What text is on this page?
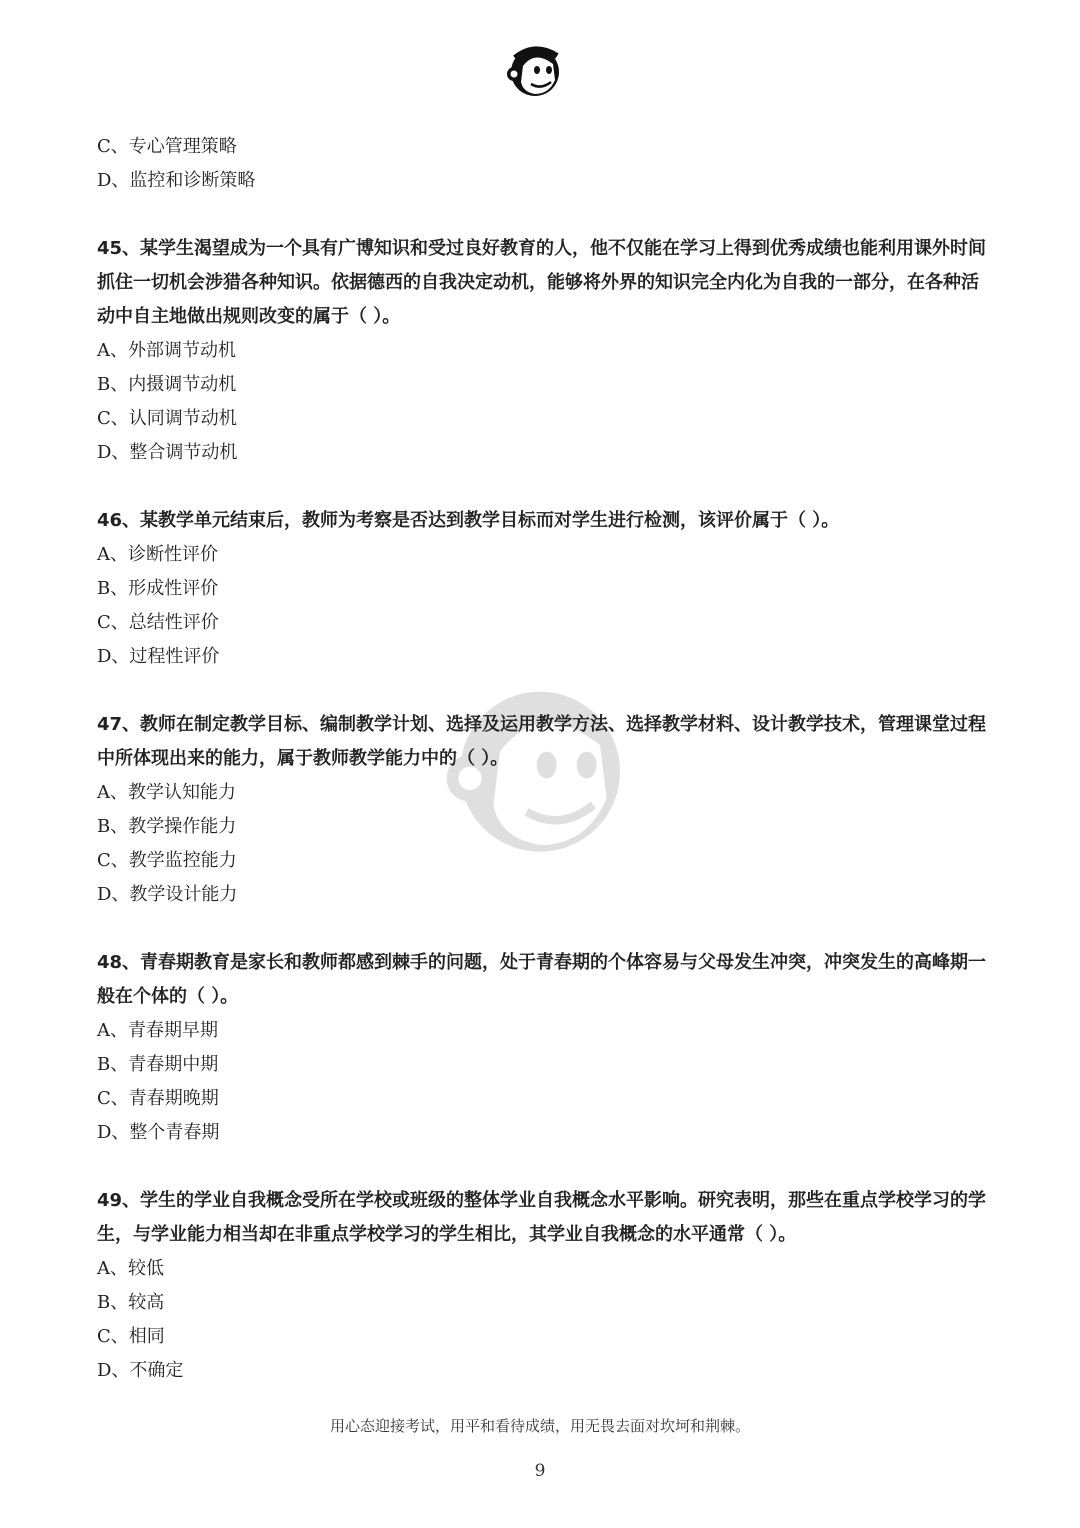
C、专心管理策略
D、监控和诊断策略
45、某学生渴望成为一个具有广博知识和受过良好教育的人，他不仅能在学习上得到优秀成绩也能利用课外时间抓住一切机会涉猎各种知识。依据德西的自我决定动机，能够将外界的知识完全内化为自我的一部分，在各种活动中自主地做出规则改变的属于（ ）。
A、外部调节动机
B、内摄调节动机
C、认同调节动机
D、整合调节动机
46、某教学单元结束后，教师为考察是否达到教学目标而对学生进行检测，该评价属于（ ）。
A、诊断性评价
B、形成性评价
C、总结性评价
D、过程性评价
47、教师在制定教学目标、编制教学计划、选择及运用教学方法、选择教学材料、设计教学技术，管理课堂过程中所体现出来的能力，属于教师教学能力中的（ ）。
A、教学认知能力
B、教学操作能力
C、教学监控能力
D、教学设计能力
48、青春期教育是家长和教师都感到棘手的问题，处于青春期的个体容易与父母发生冲突，冲突发生的高峰期一般在个体的（ ）。
A、青春期早期
B、青春期中期
C、青春期晚期
D、整个青春期
49、学生的学业自我概念受所在学校或班级的整体学业自我概念水平影响。研究表明，那些在重点学校学习的学生，与学业能力相当却在非重点学校学习的学生相比，其学业自我概念的水平通常（ ）。
A、较低
B、较高
C、相同
D、不确定
用心态迎接考试，用平和看待成绩，用无畏去面对坎坷和荆棘。
9
